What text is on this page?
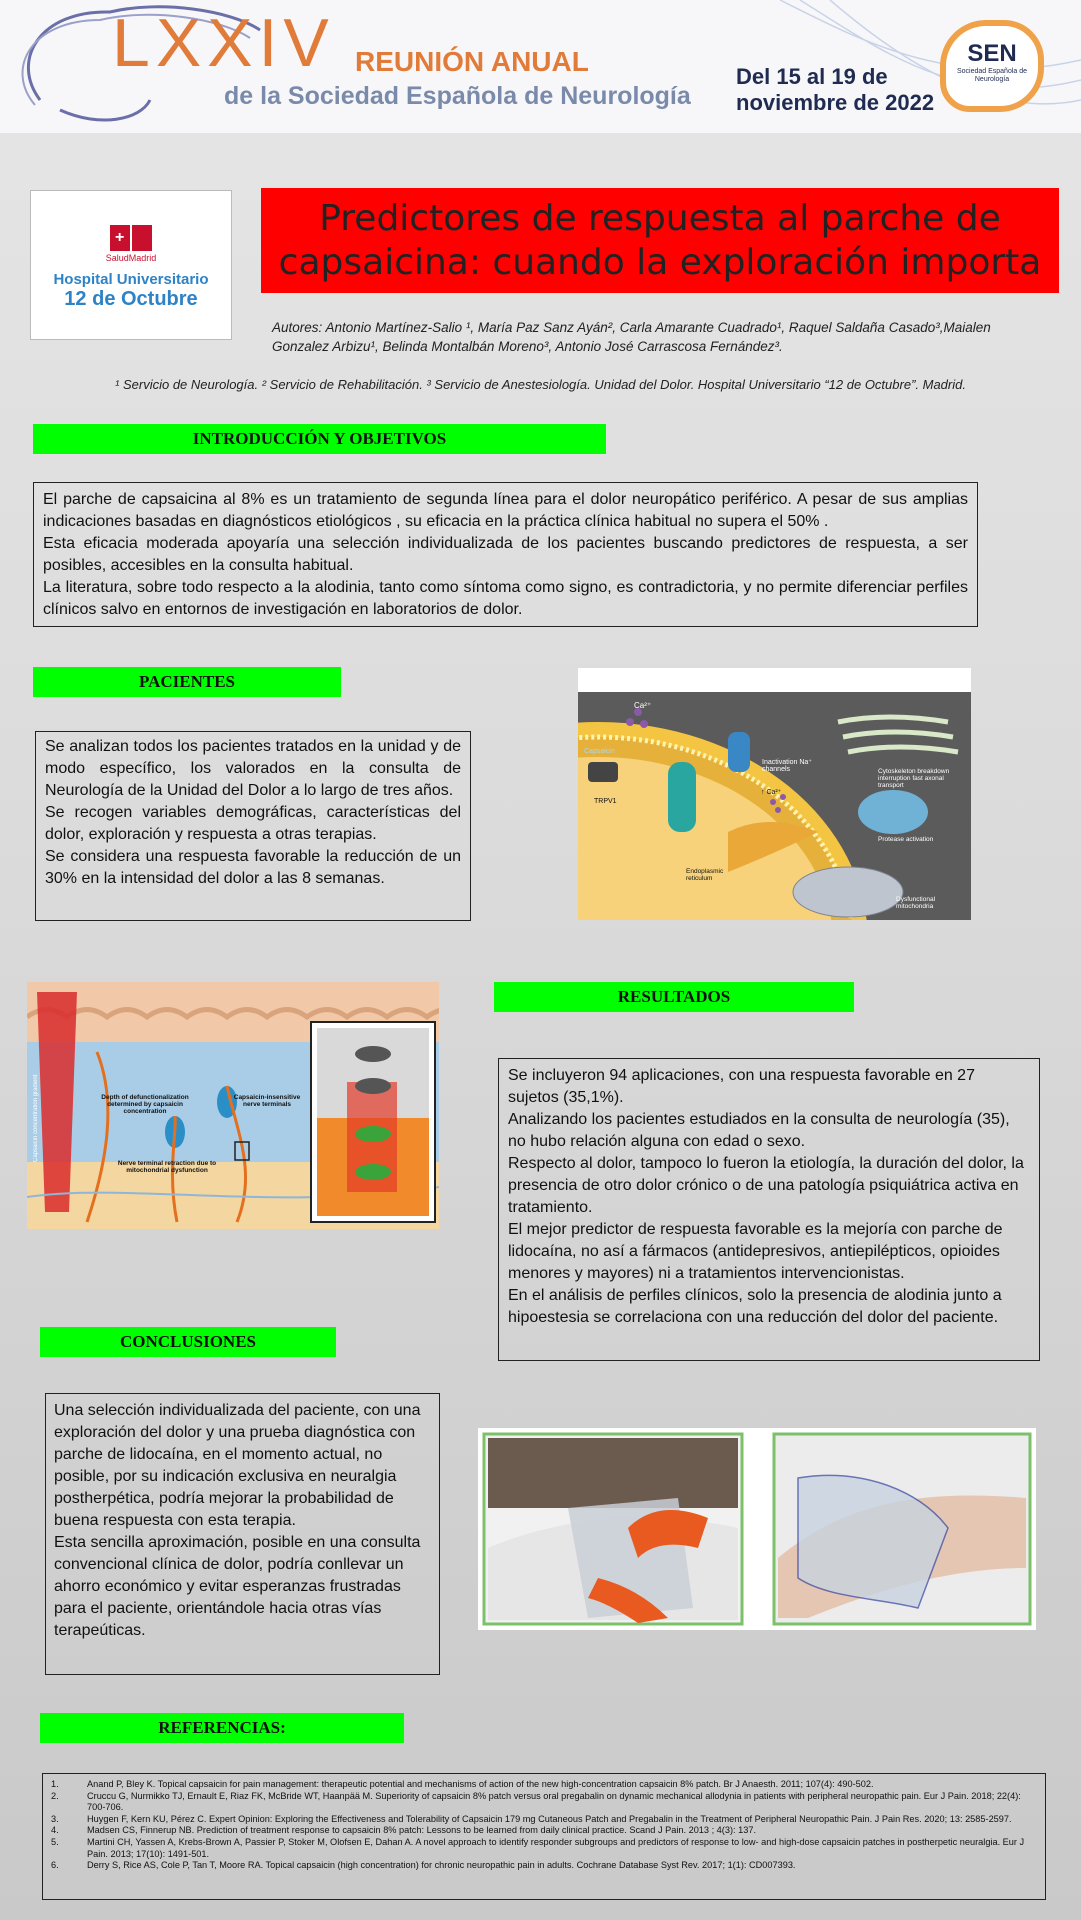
LXXIV REUNIÓN ANUAL
de la Sociedad Española de Neurología
Del 15 al 19 de
noviembre de 2022
SEN
Sociedad Española de Neurología
+
SaludMadrid
Hospital Universitario
12 de Octubre
Predictores de respuesta al parche de capsaicina: cuando la exploración importa
Autores: Antonio Martínez-Salio ¹, María Paz Sanz Ayán², Carla Amarante Cuadrado¹, Raquel Saldaña Casado³,Maialen Gonzalez Arbizu¹, Belinda Montalbán Moreno³, Antonio José Carrascosa Fernández³.
¹ Servicio de Neurología. ² Servicio de Rehabilitación. ³ Servicio de Anestesiología. Unidad del Dolor. Hospital Universitario “12 de Octubre”. Madrid.
INTRODUCCIÓN Y OBJETIVOS

El parche de capsaicina al 8% es un tratamiento de segunda línea para el dolor neuropático periférico. A pesar de sus amplias indicaciones basadas en diagnósticos etiológicos , su eficacia en la práctica clínica habitual no supera el 50% .

Esta eficacia moderada apoyaría una selección individualizada de los pacientes buscando predictores de respuesta, a ser posibles, accesibles en la consulta habitual.

La literatura, sobre todo respecto a la alodinia, tanto como síntoma como signo, es contradictoria, y no permite diferenciar perfiles clínicos salvo en entornos de investigación en laboratorios de dolor.

PACIENTES

Se analizan todos los pacientes tratados en la unidad y de modo específico, los valorados en la consulta de Neurología de la Unidad del Dolor a lo largo de tres años.

Se recogen variables demográficas, características del dolor, exploración y respuesta a otras terapias.

Se considera una respuesta favorable la reducción de un 30% en la intensidad del dolor a las 8 semanas.

Ca²⁺
Capsaicin
TRPV1
Inactivation Na⁺ channels
↑ Ca²⁺
Cytoskeleton breakdown interruption fast axonal transport
Protease activation
Endoplasmic reticulum
Dysfunctional mitochondria
Capsaicin concentration gradient	Depth of defunctionalization determined by capsaicin concentration
Capsaicin-insensitive nerve terminals
Nerve terminal retraction due to mitochondrial dysfunction
RESULTADOS

Se incluyeron 94 aplicaciones, con una respuesta favorable en 27 sujetos (35,1%).

Analizando los pacientes estudiados en la consulta de neurología (35), no hubo relación alguna con edad o sexo.

Respecto al dolor, tampoco lo fueron la etiología, la duración del dolor, la presencia de otro dolor crónico o de una patología psiquiátrica activa en tratamiento.

El mejor predictor de respuesta favorable es la mejoría con parche de lidocaína, no así a fármacos (antidepresivos, antiepilépticos, opioides menores y mayores) ni a tratamientos intervencionistas.

En el análisis de perfiles clínicos, solo la presencia de alodinia junto a hipoestesia se correlaciona con una reducción del dolor del paciente.

CONCLUSIONES

Una selección individualizada del paciente, con una exploración del dolor y una prueba diagnóstica con parche de lidocaína, en el momento actual, no posible, por su indicación exclusiva en neuralgia postherpética, podría mejorar la probabilidad de buena respuesta con esta terapia.

Esta sencilla aproximación, posible en una consulta convencional clínica de dolor, podría conllevar un ahorro económico y evitar esperanzas frustradas para el paciente, orientándole hacia otras vías terapeúticas.

REFERENCIAS:
1.	Anand P, Bley K. Topical capsaicin for pain management: therapeutic potential and mechanisms of action of the new high-concentration capsaicin 8% patch. Br J Anaesth. 2011; 107(4): 490-502.
2.	Cruccu G, Nurmikko TJ, Ernault E, Riaz FK, McBride WT, Haanpää M. Superiority of capsaicin 8% patch versus oral pregabalin on dynamic mechanical allodynia in patients with peripheral neuropathic pain. Eur J Pain. 2018; 22(4): 700-706.
3.	Huygen F, Kern KU, Pérez C. Expert Opinion: Exploring the Effectiveness and Tolerability of Capsaicin 179 mg Cutaneous Patch and Pregabalin in the Treatment of Peripheral Neuropathic Pain. J Pain Res. 2020; 13: 2585-2597.
4.	Madsen CS, Finnerup NB. Prediction of treatment response to capsaicin 8% patch: Lessons to be learned from daily clinical practice. Scand J Pain. 2013 ; 4(3): 137.
5.	Martini CH, Yassen A, Krebs-Brown A, Passier P, Stoker M, Olofsen E, Dahan A. A novel approach to identify responder subgroups and predictors of response to low- and high-dose capsaicin patches in postherpetic neuralgia. Eur J Pain. 2013; 17(10): 1491-501.
6.	Derry S, Rice AS, Cole P, Tan T, Moore RA. Topical capsaicin (high concentration) for chronic neuropathic pain in adults. Cochrane Database Syst Rev. 2017; 1(1): CD007393.
